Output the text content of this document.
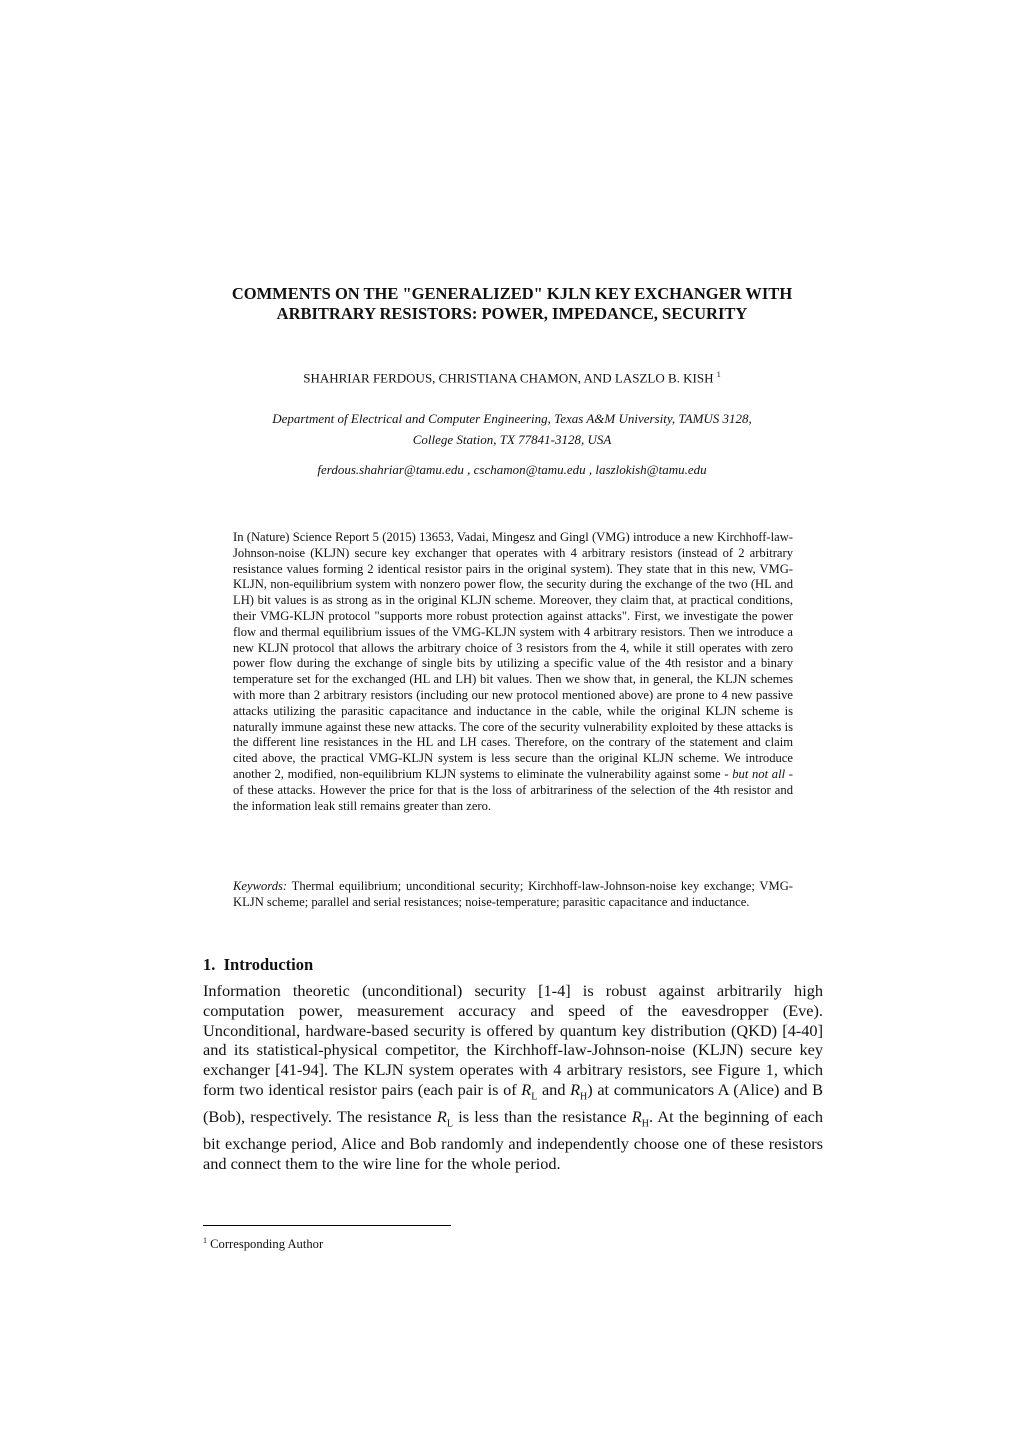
COMMENTS ON THE "GENERALIZED" KJLN KEY EXCHANGER WITH
ARBITRARY RESISTORS: POWER, IMPEDANCE, SECURITY
SHAHRIAR FERDOUS, CHRISTIANA CHAMON, AND LASZLO B. KISH $^1$
Department of Electrical and Computer Engineering, Texas A&M University, TAMUS 3128,
College Station, TX 77841-3128, USA
ferdous.shahriar@tamu.edu , cschamon@tamu.edu , laszlokish@tamu.edu
In (Nature) Science Report 5 (2015) 13653, Vadai, Mingesz and Gingl (VMG) introduce a new Kirchhoff-law-Johnson-noise (KLJN) secure key exchanger that operates with 4 arbitrary resistors (instead of 2 arbitrary resistance values forming 2 identical resistor pairs in the original system). They state that in this new, VMG-KLJN, non-equilibrium system with nonzero power flow, the security during the exchange of the two (HL and LH) bit values is as strong as in the original KLJN scheme. Moreover, they claim that, at practical conditions, their VMG-KLJN protocol "supports more robust protection against attacks". First, we investigate the power flow and thermal equilibrium issues of the VMG-KLJN system with 4 arbitrary resistors. Then we introduce a new KLJN protocol that allows the arbitrary choice of 3 resistors from the 4, while it still operates with zero power flow during the exchange of single bits by utilizing a specific value of the 4th resistor and a binary temperature set for the exchanged (HL and LH) bit values. Then we show that, in general, the KLJN schemes with more than 2 arbitrary resistors (including our new protocol mentioned above) are prone to 4 new passive attacks utilizing the parasitic capacitance and inductance in the cable, while the original KLJN scheme is naturally immune against these new attacks. The core of the security vulnerability exploited by these attacks is the different line resistances in the HL and LH cases. Therefore, on the contrary of the statement and claim cited above, the practical VMG-KLJN system is less secure than the original KLJN scheme. We introduce another 2, modified, non-equilibrium KLJN systems to eliminate the vulnerability against some - but not all - of these attacks. However the price for that is the loss of arbitrariness of the selection of the 4th resistor and the information leak still remains greater than zero.
Keywords: Thermal equilibrium; unconditional security; Kirchhoff-law-Johnson-noise key exchange; VMG-KLJN scheme; parallel and serial resistances; noise-temperature; parasitic capacitance and inductance.
1. Introduction
Information theoretic (unconditional) security [1-4] is robust against arbitrarily high computation power, measurement accuracy and speed of the eavesdropper (Eve). Unconditional, hardware-based security is offered by quantum key distribution (QKD) [4-40] and its statistical-physical competitor, the Kirchhoff-law-Johnson-noise (KLJN) secure key exchanger [41-94]. The KLJN system operates with 4 arbitrary resistors, see Figure 1, which form two identical resistor pairs (each pair is of $R_L$ and $R_H$) at communicators A (Alice) and B (Bob), respectively. The resistance $R_L$ is less than the resistance $R_H$. At the beginning of each bit exchange period, Alice and Bob randomly and independently choose one of these resistors and connect them to the wire line for the whole period.
$^1$ Corresponding Author
